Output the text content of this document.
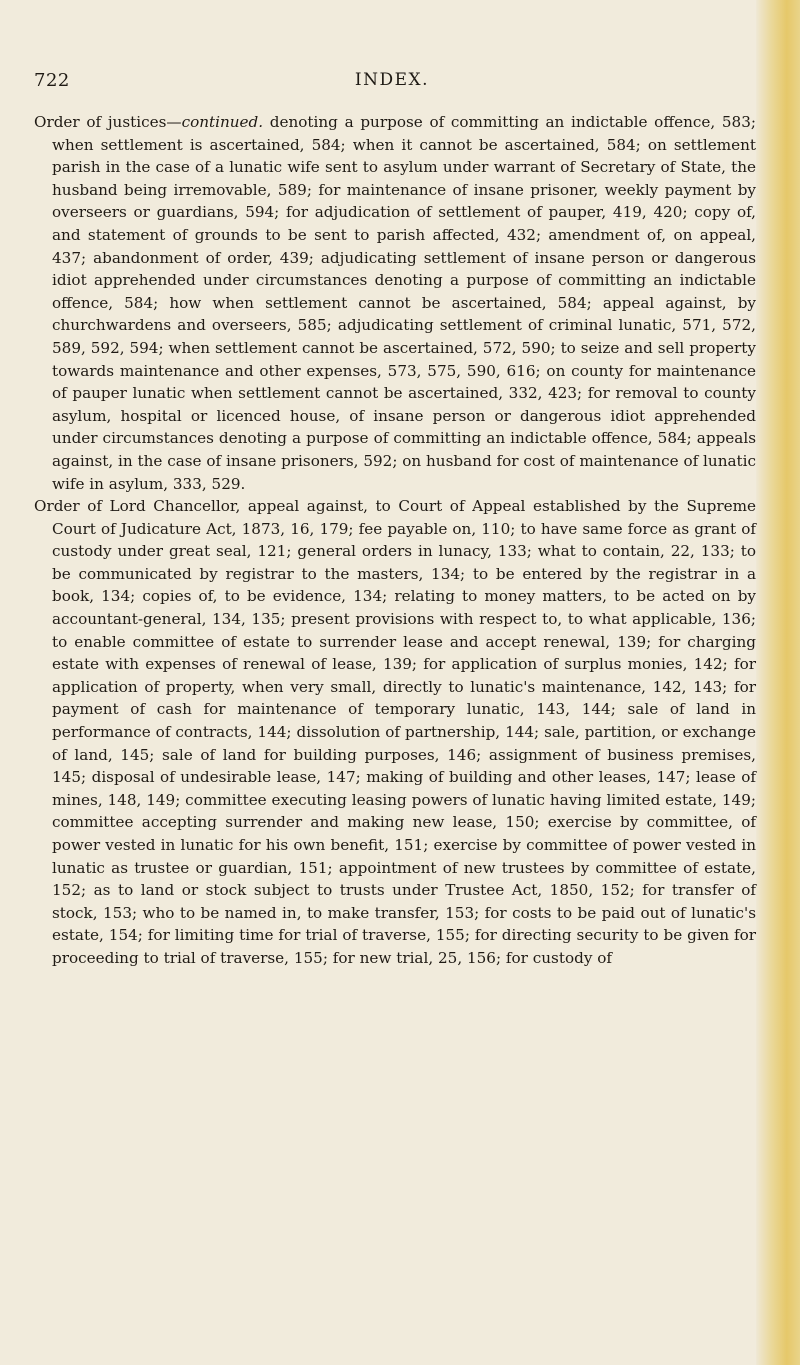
722	INDEX.

Order of justices—continued. denoting a purpose of committing an indictable offence, 583; when settlement is ascertained, 584; when it cannot be ascertained, 584; on settlement parish in the case of a lunatic wife sent to asylum under warrant of Secretary of State, the husband being irremovable, 589; for maintenance of insane prisoner, weekly payment by overseers or guardians, 594; for adjudication of settlement of pauper, 419, 420; copy of, and statement of grounds to be sent to parish affected, 432; amendment of, on appeal, 437; abandonment of order, 439; adjudicating settlement of insane person or dangerous idiot apprehended under circumstances denoting a purpose of committing an indictable offence, 584; how when settlement cannot be ascertained, 584; appeal against, by churchwardens and overseers, 585; adjudicating settlement of criminal lunatic, 571, 572, 589, 592, 594; when settlement cannot be ascertained, 572, 590; to seize and sell property towards maintenance and other expenses, 573, 575, 590, 616; on county for maintenance of pauper lunatic when settlement cannot be ascertained, 332, 423; for removal to county asylum, hospital or licenced house, of insane person or dangerous idiot apprehended under circumstances denoting a purpose of committing an indictable offence, 584; appeals against, in the case of insane prisoners, 592; on husband for cost of maintenance of lunatic wife in asylum, 333, 529.

Order of Lord Chancellor, appeal against, to Court of Appeal established by the Supreme Court of Judicature Act, 1873, 16, 179; fee payable on, 110; to have same force as grant of custody under great seal, 121; general orders in lunacy, 133; what to contain, 22, 133; to be communicated by registrar to the masters, 134; to be entered by the registrar in a book, 134; copies of, to be evidence, 134; relating to money matters, to be acted on by accountant-general, 134, 135; present provisions with respect to, to what applicable, 136; to enable committee of estate to surrender lease and accept renewal, 139; for charging estate with expenses of renewal of lease, 139; for application of surplus monies, 142; for application of property, when very small, directly to lunatic's maintenance, 142, 143; for payment of cash for maintenance of temporary lunatic, 143, 144; sale of land in performance of contracts, 144; dissolution of partnership, 144; sale, partition, or exchange of land, 145; sale of land for building purposes, 146; assignment of business premises, 145; disposal of undesirable lease, 147; making of building and other leases, 147; lease of mines, 148, 149; committee executing leasing powers of lunatic having limited estate, 149; committee accepting surrender and making new lease, 150; exercise by committee, of power vested in lunatic for his own benefit, 151; exercise by committee of power vested in lunatic as trustee or guardian, 151; appointment of new trustees by committee of estate, 152; as to land or stock subject to trusts under Trustee Act, 1850, 152; for transfer of stock, 153; who to be named in, to make transfer, 153; for costs to be paid out of lunatic's estate, 154; for limiting time for trial of traverse, 155; for directing security to be given for proceeding to trial of traverse, 155; for new trial, 25, 156; for custody of
